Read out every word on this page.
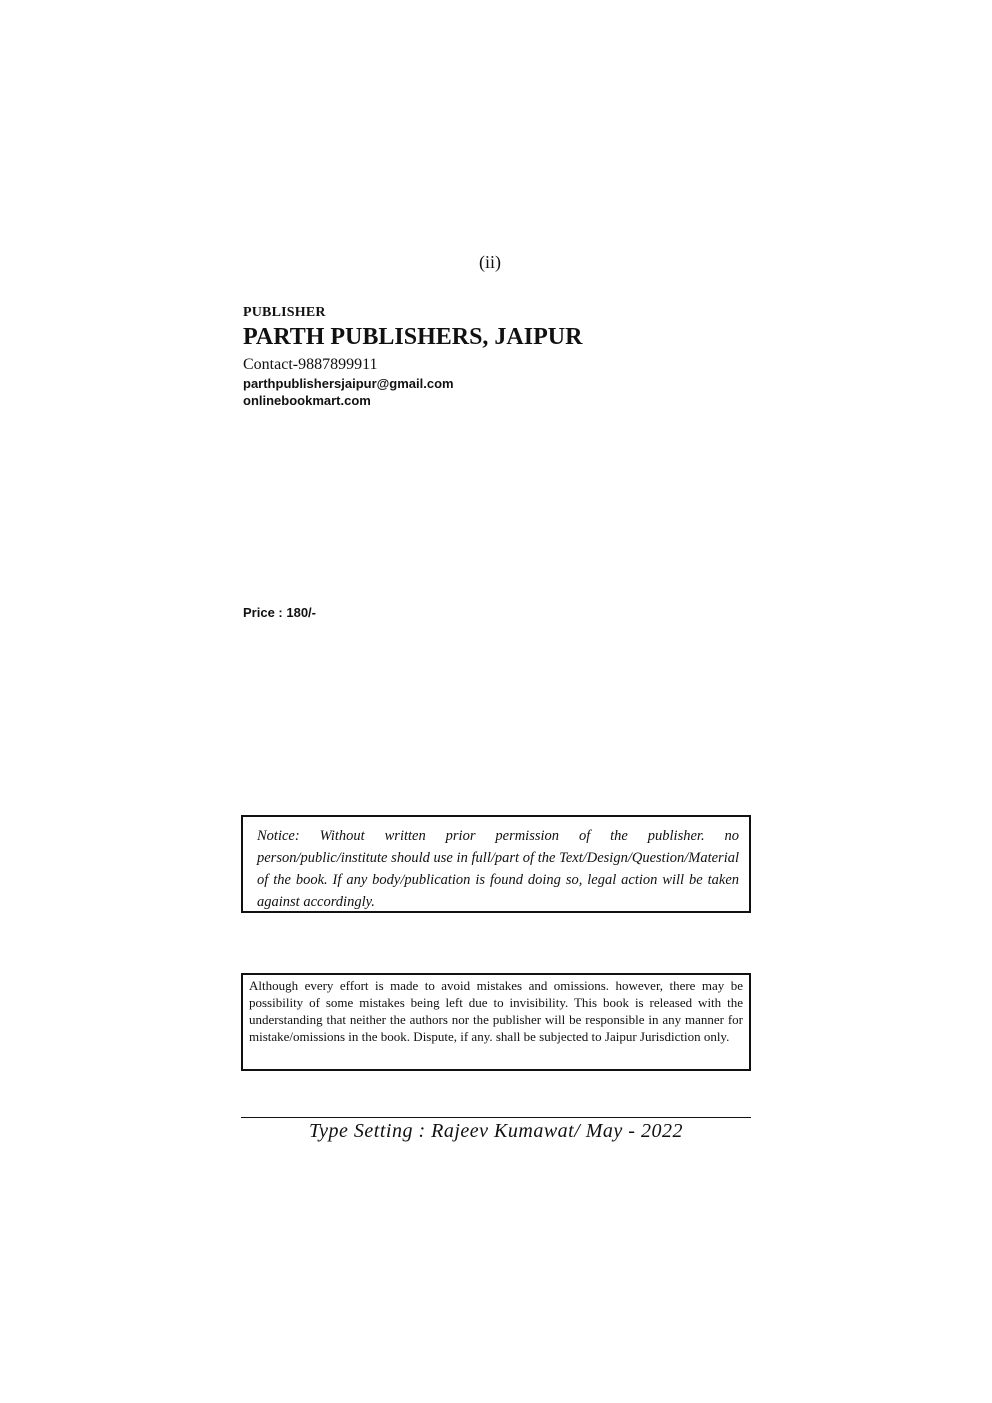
(ii)
PUBLISHER
PARTH PUBLISHERS, JAIPUR
Contact-9887899911
parthpublishersjaipur@gmail.com
onlinebookmart.com
Price : 180/-
Notice: Without written prior permission of the publisher. no person/public/institute should use in full/part of the Text/Design/Question/Material of the book. If any body/publication is found doing so, legal action will be taken against accordingly.
Although every effort is made to avoid mistakes and omissions. however, there may be possibility of some mistakes being left due to invisibility. This book is released with the understanding that neither the authors nor the publisher will be responsible in any manner for mistake/omissions in the book. Dispute, if any. shall be subjected to Jaipur Jurisdiction only.
Type Setting : Rajeev Kumawat/ May - 2022
